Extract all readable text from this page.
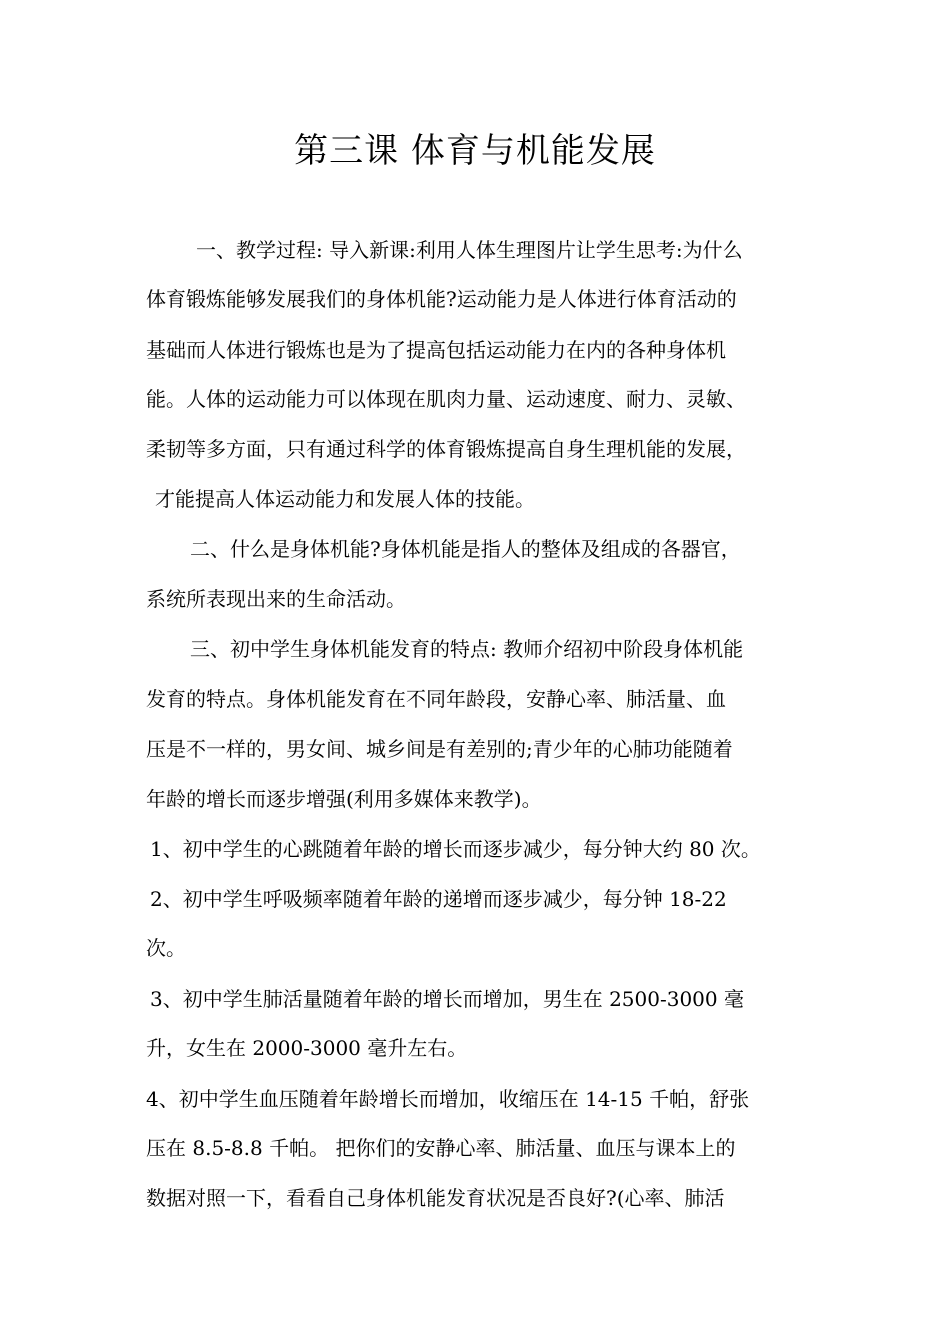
第三课 体育与机能发展
一、教学过程: 导入新课:利用人体生理图片让学生思考:为什么
体育锻炼能够发展我们的身体机能?运动能力是人体进行体育活动的
基础而人体进行锻炼也是为了提高包括运动能力在内的各种身体机
能。人体的运动能力可以体现在肌肉力量、运动速度、耐力、灵敏、
柔韧等多方面，只有通过科学的体育锻炼提高自身生理机能的发展，
才能提高人体运动能力和发展人体的技能。
二、什么是身体机能?身体机能是指人的整体及组成的各器官，
系统所表现出来的生命活动。
三、初中学生身体机能发育的特点: 教师介绍初中阶段身体机能
发育的特点。身体机能发育在不同年龄段，安静心率、肺活量、血
压是不一样的，男女间、城乡间是有差别的;青少年的心肺功能随着
年龄的增长而逐步增强(利用多媒体来教学)。
1、初中学生的心跳随着年龄的增长而逐步减少，每分钟大约 80 次。
2、初中学生呼吸频率随着年龄的递增而逐步减少，每分钟 18-22
次。
3、初中学生肺活量随着年龄的增长而增加，男生在 2500-3000 毫
升，女生在 2000-3000 毫升左右。
4、初中学生血压随着年龄增长而增加，收缩压在 14-15 千帕，舒张
压在 8.5-8.8 千帕。 把你们的安静心率、肺活量、血压与课本上的
数据对照一下，看看自己身体机能发育状况是否良好?(心率、肺活
